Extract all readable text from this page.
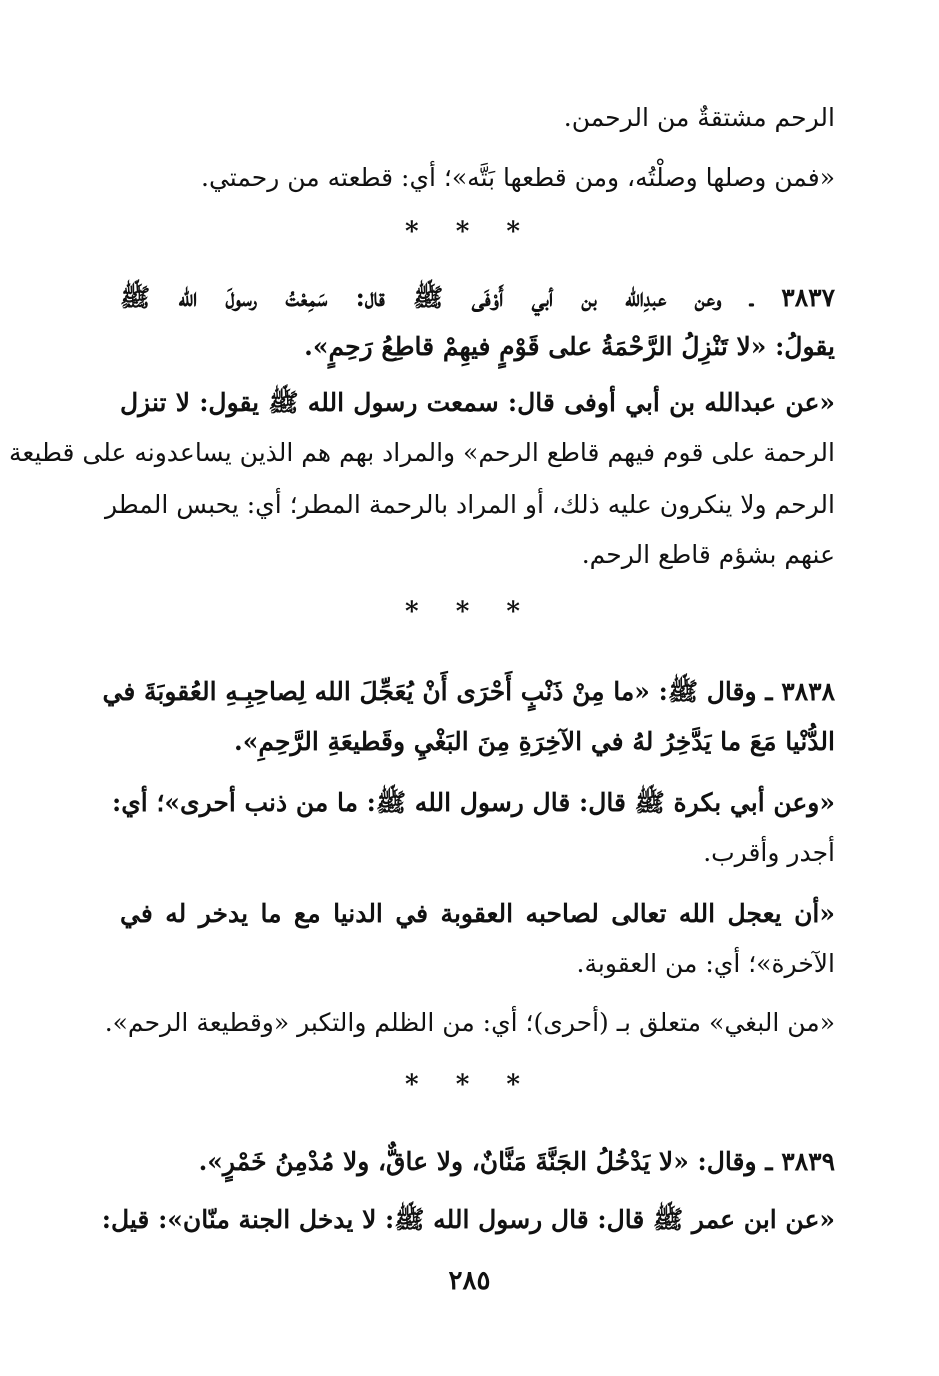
الرحم مشتقةٌ من الرحمن.
«فمن وصلها وصلْتُه، ومن قطعها بَتَّه»؛ أي: قطعته من رحمتي.
* * *
٣٨٣٧ ـ وعن عبدِالله بن أبي أَوْفَى ﷺ قال: سَمِعْتُ رسولَ الله ﷺ
يقولُ: «لا تَنْزِلُ الرَّحْمَةُ على قَوْمٍ فيهِمْ قاطِعُ رَحِمٍ».
«عن عبدالله بن أبي أوفى قال: سمعت رسول الله ﷺ يقول: لا تنزل
الرحمة على قوم فيهم قاطع الرحم» والمراد بهم هم الذين يساعدونه على قطيعة
الرحم ولا ينكرون عليه ذلك، أو المراد بالرحمة المطر؛ أي: يحبس المطر
عنهم بشؤم قاطع الرحم.
* * *
٣٨٣٨ ـ وقال ﷺ: «ما مِنْ ذَنْبٍ أَحْرَى أَنْ يُعَجِّلَ الله لِصاحِبِـهِ العُقوبَةَ في
الدُّنْيا مَعَ ما يَدَّخِرُ لهُ في الآخِرَةِ مِنَ البَغْيِ وقَطيعَةِ الرَّحِمِ».
«وعن أبي بكرة ﷺ قال: قال رسول الله ﷺ: ما من ذنب أحرى»؛ أي:
أجدر وأقرب.
«أن يعجل الله تعالى لصاحبه العقوبة في الدنيا مع ما يدخر له في
الآخرة»؛ أي: من العقوبة.
«من البغي» متعلق بـ (أحرى)؛ أي: من الظلم والتكبر «وقطيعة الرحم».
* * *
٣٨٣٩ ـ وقال: «لا يَدْخُلُ الجَنَّةَ مَنَّانٌ، ولا عاقٌّ، ولا مُدْمِنُ خَمْرٍ».
«عن ابن عمر ﷺ قال: قال رسول الله ﷺ: لا يدخل الجنة منّان»: قيل:
٢٨٥
